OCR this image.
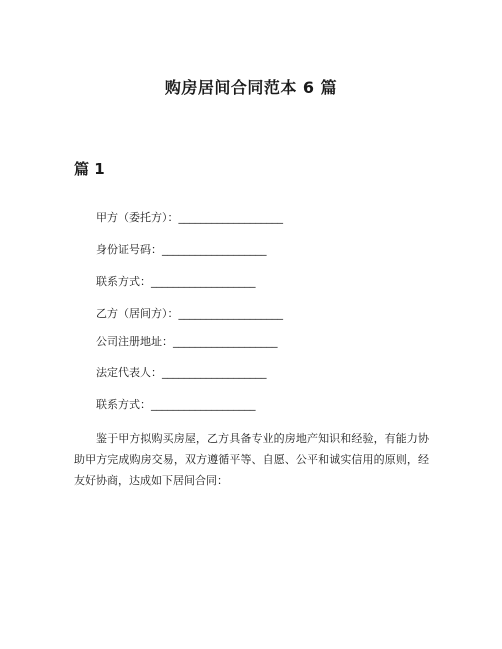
购房居间合同范本 6 篇
篇 1
甲方（委托方）：___________________
身份证号码：___________________
联系方式：___________________
乙方（居间方）：___________________
公司注册地址：___________________
法定代表人：___________________
联系方式：___________________
鉴于甲方拟购买房屋，乙方具备专业的房地产知识和经验，有能力协助甲方完成购房交易，双方遵循平等、自愿、公平和诚实信用的原则，经友好协商，达成如下居间合同：
